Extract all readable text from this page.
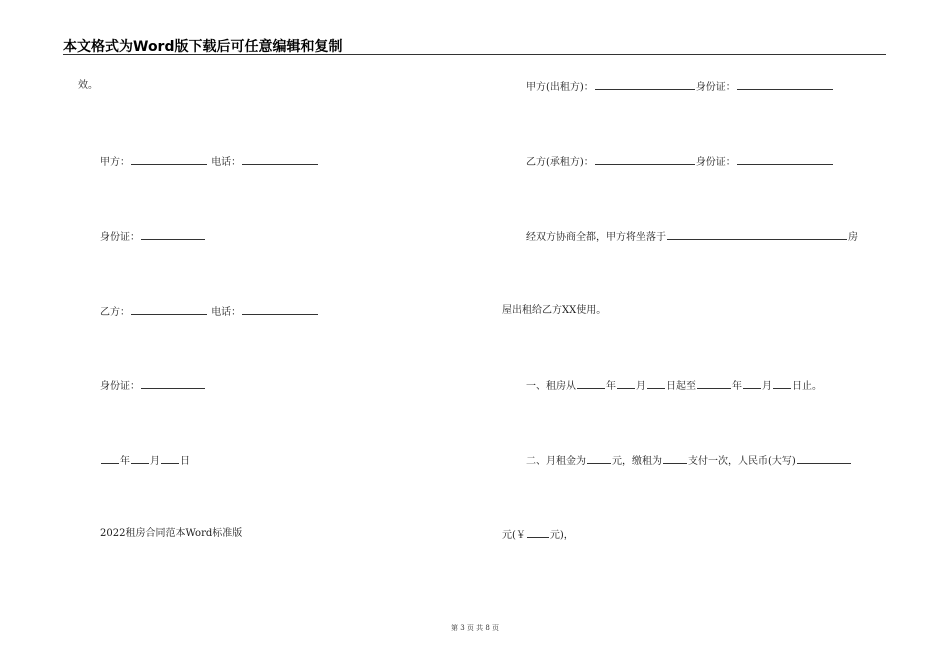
本文格式为Word版下载后可任意编辑和复制
效。
甲方：	电话：
身份证：
乙方：	电话：
身份证：
年 月 日
2022租房合同范本Word标准版
甲方(出租方)：	身份证：
乙方(承租方)：	身份证：
经双方协商全都，甲方将坐落于	房
屋出租给乙方XX使用。
一、租房从	年 月 日起至	年 月 日止。
二、月租金为	元，缴租为	支付一次，人民币(大写)
元(￥ 元)，
第 3 页 共 8 页
